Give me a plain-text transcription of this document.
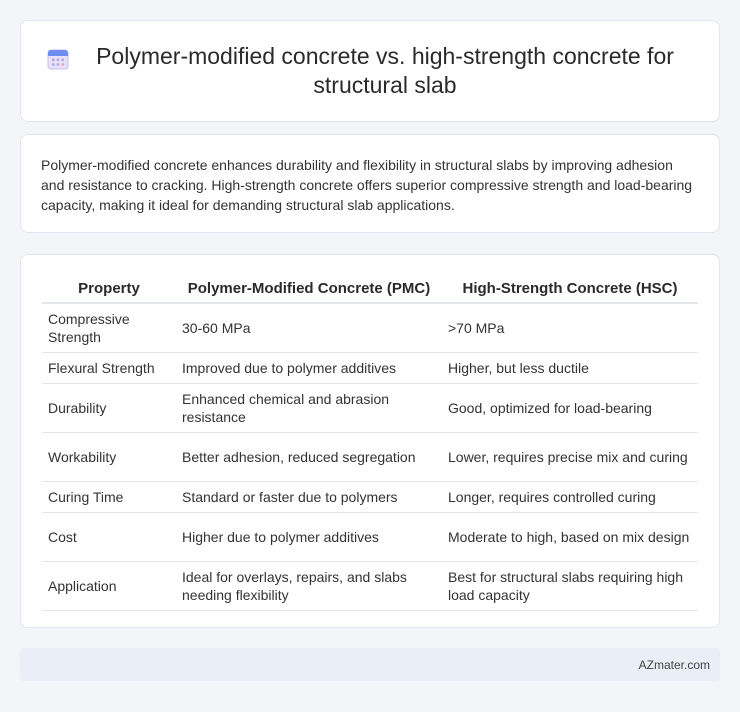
Polymer-modified concrete vs. high-strength concrete for structural slab

Polymer-modified concrete enhances durability and flexibility in structural slabs by improving adhesion and resistance to cracking. High-strength concrete offers superior compressive strength and load-bearing capacity, making it ideal for demanding structural slab applications.

Property	Polymer-Modified Concrete (PMC)	High-Strength Concrete (HSC)
Compressive Strength	30-60 MPa	>70 MPa
Flexural Strength	Improved due to polymer additives	Higher, but less ductile
Durability	Enhanced chemical and abrasion resistance	Good, optimized for load-bearing
Workability	Better adhesion, reduced segregation	Lower, requires precise mix and curing
Curing Time	Standard or faster due to polymers	Longer, requires controlled curing
Cost	Higher due to polymer additives	Moderate to high, based on mix design
Application	Ideal for overlays, repairs, and slabs needing flexibility	Best for structural slabs requiring high load capacity
AZmater.com
